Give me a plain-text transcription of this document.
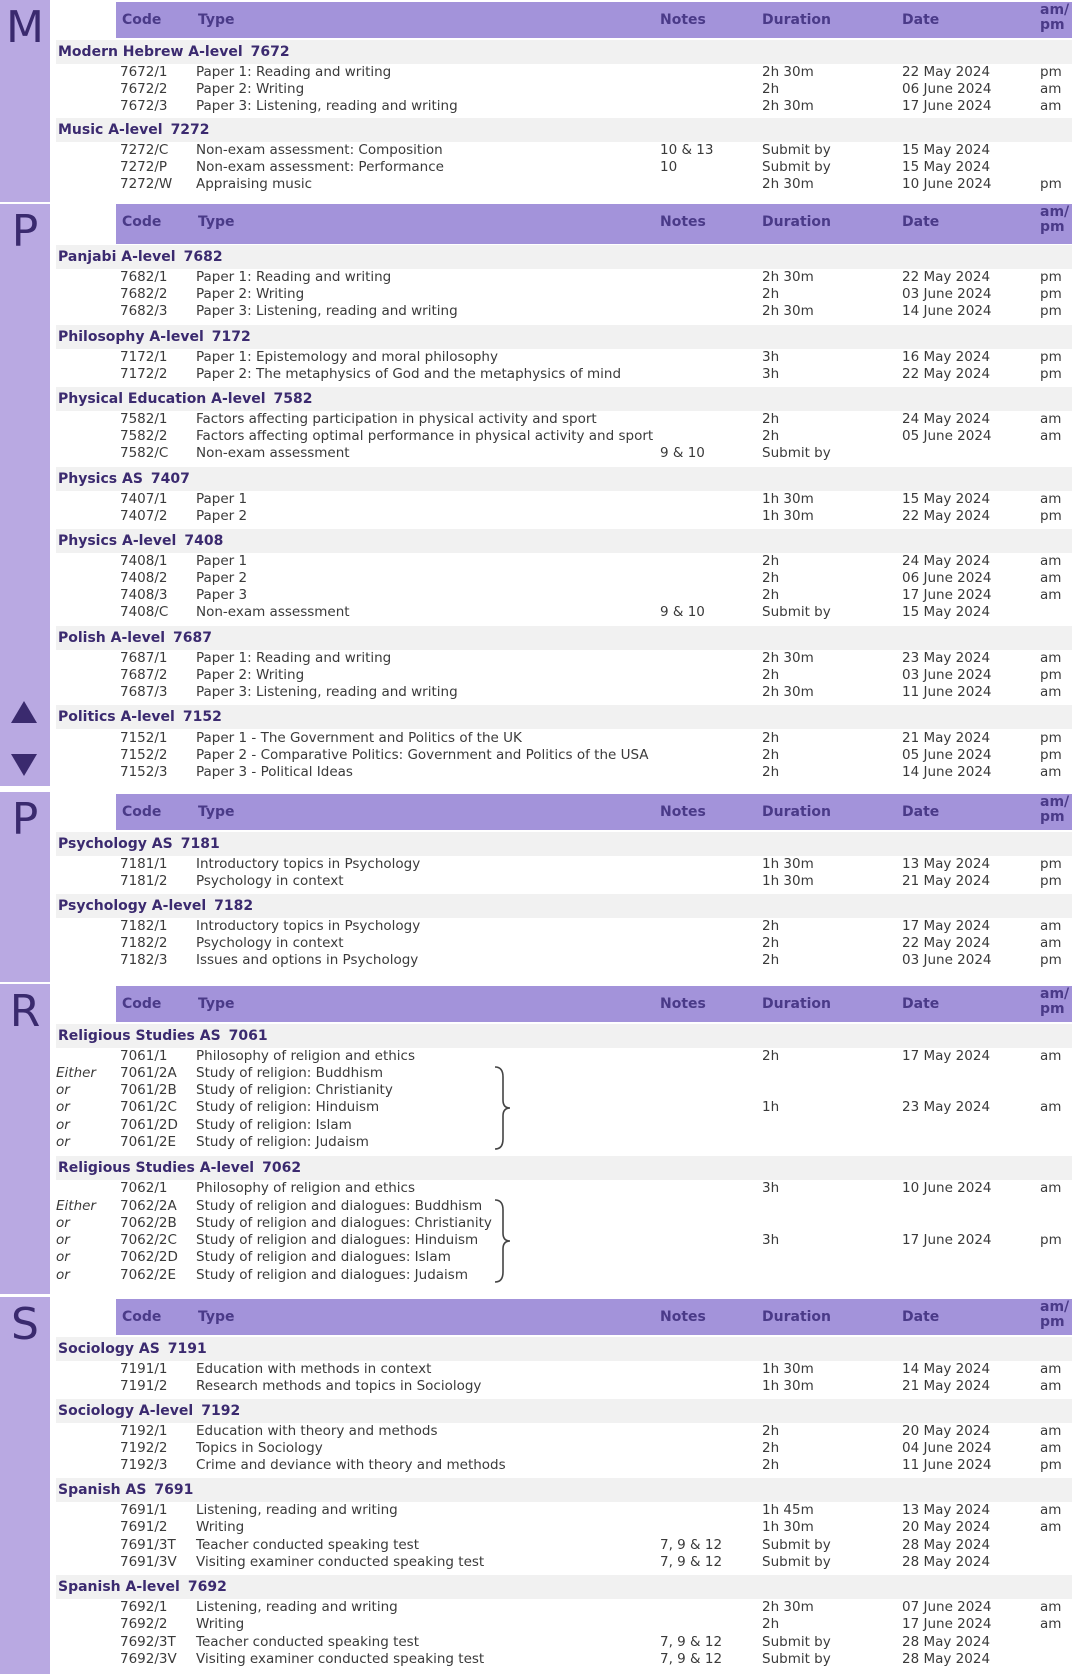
M	Code	Type	Notes	Duration	Date
am/
pm
Modern Hebrew A-level 7672
7672/1 Paper 1: Reading and writing	2h 30m	22 May 2024	pm
7672/2 Paper 2: Writing	2h	06 June 2024	am
7672/3 Paper 3: Listening, reading and writing	2h 30m	17 June 2024	am
Music A-level 7272
7272/C Non-exam assessment: Composition	10 & 13	Submit by	15 May 2024
7272/P Non-exam assessment: Performance	10	Submit by	15 May 2024
7272/W Appraising music	2h 30m	10 June 2024	pm
P	Code	Type	Notes	Duration	Date
am/
pm
Panjabi A-level 7682
7682/1 Paper 1: Reading and writing	2h 30m	22 May 2024	pm
7682/2 Paper 2: Writing	2h	03 June 2024	pm
7682/3 Paper 3: Listening, reading and writing	2h 30m	14 June 2024	pm
Philosophy A-level 7172
7172/1 Paper 1: Epistemology and moral philosophy	3h	16 May 2024	pm
7172/2 Paper 2: The metaphysics of God and the metaphysics of mind	3h	22 May 2024	pm
Physical Education A-level 7582
7582/1 Factors affecting participation in physical activity and sport	2h	24 May 2024	am
7582/2 Factors affecting optimal performance in physical activity and sport	2h	05 June 2024	am
7582/C Non-exam assessment	9 & 10	Submit by
Physics AS 7407
7407/1 Paper 1	1h 30m	15 May 2024	am
7407/2 Paper 2	1h 30m	22 May 2024	pm
Physics A-level 7408
7408/1 Paper 1	2h	24 May 2024	am
7408/2 Paper 2	2h	06 June 2024	am
7408/3 Paper 3	2h	17 June 2024	am
7408/C Non-exam assessment	9 & 10	Submit by	15 May 2024
Polish A-level 7687
7687/1 Paper 1: Reading and writing	2h 30m	23 May 2024	am
7687/2 Paper 2: Writing	2h	03 June 2024	pm
7687/3 Paper 3: Listening, reading and writing	2h 30m	11 June 2024	am
Politics A-level 7152
7152/1 Paper 1 - The Government and Politics of the UK	2h	21 May 2024	pm
7152/2 Paper 2 - Comparative Politics: Government and Politics of the USA	2h	05 June 2024	pm
7152/3 Paper 3 - Political Ideas	2h	14 June 2024	am
P	Code	Type	Notes	Duration	Date
am/
pm
Psychology AS 7181
7181/1 Introductory topics in Psychology	1h 30m	13 May 2024	pm
7181/2 Psychology in context	1h 30m	21 May 2024	pm
Psychology A-level 7182
7182/1 Introductory topics in Psychology	2h	17 May 2024	am
7182/2 Psychology in context	2h	22 May 2024	am
7182/3 Issues and options in Psychology	2h	03 June 2024	pm
R	Code	Type	Notes	Duration	Date
am/
pm
Religious Studies AS 7061
7061/1 Philosophy of religion and ethics	2h	17 May 2024	am
Either 7061/2A Study of religion: Buddhism
or	7061/2B Study of religion: Christianity
or	7061/2C Study of religion: Hinduism	1h	23 May 2024	am
or	7061/2D Study of religion: Islam
or	7061/2E Study of religion: Judaism
Religious Studies A-level 7062
7062/1 Philosophy of religion and ethics	3h	10 June 2024	am
Either 7062/2A Study of religion and dialogues: Buddhism
or	7062/2B Study of religion and dialogues: Christianity
or	7062/2C Study of religion and dialogues: Hinduism	3h	17 June 2024	pm
or	7062/2D Study of religion and dialogues: Islam
or	7062/2E Study of religion and dialogues: Judaism
S	Code	Type	Notes	Duration	Date
am/
pm
Sociology AS 7191
7191/1 Education with methods in context	1h 30m	14 May 2024	am
7191/2 Research methods and topics in Sociology	1h 30m	21 May 2024	am
Sociology A-level 7192
7192/1 Education with theory and methods	2h	20 May 2024	am
7192/2 Topics in Sociology	2h	04 June 2024	am
7192/3 Crime and deviance with theory and methods	2h	11 June 2024	pm
Spanish AS 7691
7691/1 Listening, reading and writing	1h 45m	13 May 2024	am
7691/2 Writing	1h 30m	20 May 2024	am
7691/3T Teacher conducted speaking test	7, 9 & 12	Submit by	28 May 2024
7691/3V Visiting examiner conducted speaking test	7, 9 & 12	Submit by	28 May 2024
Spanish A-level 7692
7692/1 Listening, reading and writing	2h 30m	07 June 2024	am
7692/2 Writing	2h	17 June 2024	am
7692/3T Teacher conducted speaking test	7, 9 & 12	Submit by	28 May 2024
7692/3V Visiting examiner conducted speaking test	7, 9 & 12	Submit by	28 May 2024
